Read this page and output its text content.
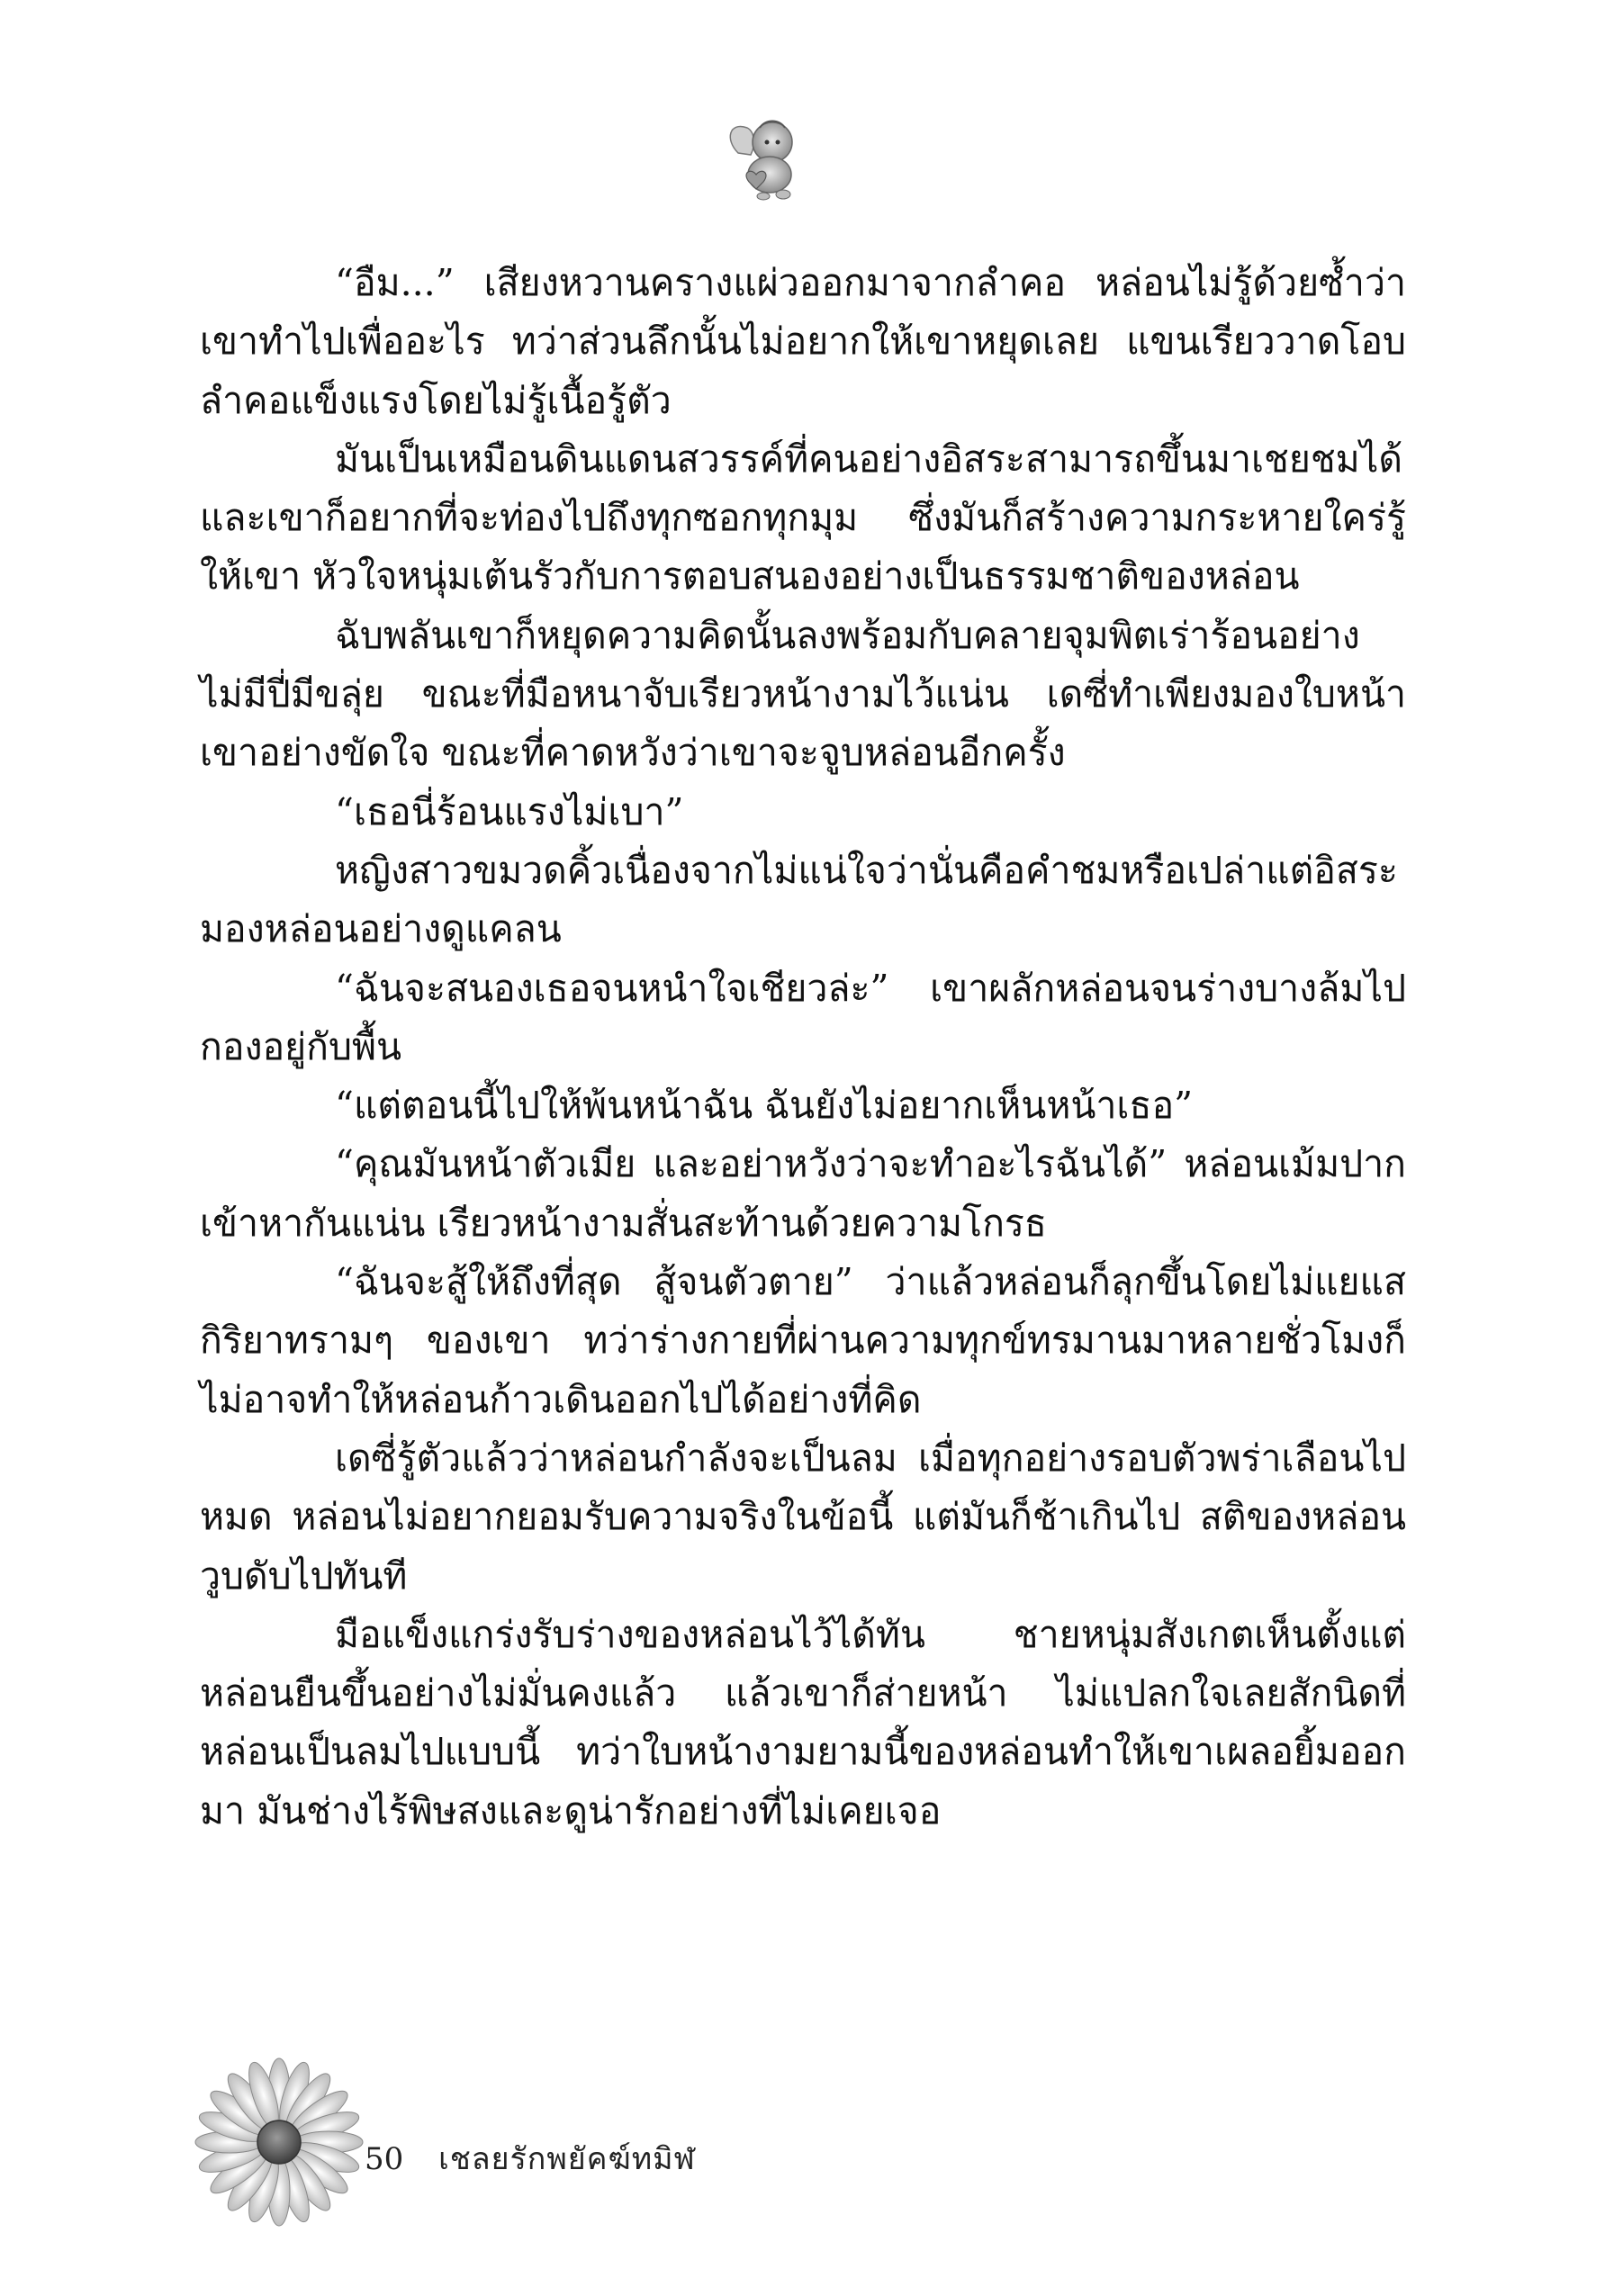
“อืม...” เสียงหวานครางแผ่วออกมาจากลำคอ หล่อนไม่รู้ด้วยซ้ำว่าเขาทำไปเพื่ออะไร ทว่าส่วนลึกนั้นไม่อยากให้เขาหยุดเลย แขนเรียววาดโอบลำคอแข็งแรงโดยไม่รู้เนื้อรู้ตัว

มันเป็นเหมือนดินแดนสวรรค์ที่คนอย่างอิสระสามารถขึ้นมาเชยชมได้ และเขาก็อยากที่จะท่องไปถึงทุกซอกทุกมุม ซึ่งมันก็สร้างความกระหายใคร่รู้ให้เขา หัวใจหนุ่มเต้นรัวกับการตอบสนองอย่างเป็นธรรมชาติของหล่อน

ฉับพลันเขาก็หยุดความคิดนั้นลงพร้อมกับคลายจุมพิตเร่าร้อนอย่างไม่มีปี่มีขลุ่ย ขณะที่มือหนาจับเรียวหน้างามไว้แน่น เดซี่ทำเพียงมองใบหน้าเขาอย่างขัดใจ ขณะที่คาดหวังว่าเขาจะจูบหล่อนอีกครั้ง

“เธอนี่ร้อนแรงไม่เบา”

หญิงสาวขมวดคิ้วเนื่องจากไม่แน่ใจว่านั่นคือคำชมหรือเปล่าแต่อิสระมองหล่อนอย่างดูแคลน

“ฉันจะสนองเธอจนหนำใจเชียวล่ะ” เขาผลักหล่อนจนร่างบางล้มไปกองอยู่กับพื้น

“แต่ตอนนี้ไปให้พ้นหน้าฉัน ฉันยังไม่อยากเห็นหน้าเธอ”

“คุณมันหน้าตัวเมีย และอย่าหวังว่าจะทำอะไรฉันได้” หล่อนเม้มปากเข้าหากันแน่น เรียวหน้างามสั่นสะท้านด้วยความโกรธ

“ฉันจะสู้ให้ถึงที่สุด สู้จนตัวตาย” ว่าแล้วหล่อนก็ลุกขึ้นโดยไม่แยแสกิริยาทรามๆ ของเขา ทว่าร่างกายที่ผ่านความทุกข์ทรมานมาหลายชั่วโมงก็ไม่อาจทำให้หล่อนก้าวเดินออกไปได้อย่างที่คิด

เดซี่รู้ตัวแล้วว่าหล่อนกำลังจะเป็นลม เมื่อทุกอย่างรอบตัวพร่าเลือนไปหมด หล่อนไม่อยากยอมรับความจริงในข้อนี้ แต่มันก็ช้าเกินไป สติของหล่อนวูบดับไปทันที

มือแข็งแกร่งรับร่างของหล่อนไว้ได้ทัน ชายหนุ่มสังเกตเห็นตั้งแต่หล่อนยืนขึ้นอย่างไม่มั่นคงแล้ว แล้วเขาก็ส่ายหน้า ไม่แปลกใจเลยสักนิดที่หล่อนเป็นลมไปแบบนี้ ทว่าใบหน้างามยามนี้ของหล่อนทำให้เขาเผลอยิ้มออกมา มันช่างไร้พิษสงและดูน่ารักอย่างที่ไม่เคยเจอ

50 เชลยรักพยัคฆ์ทมิฬ
